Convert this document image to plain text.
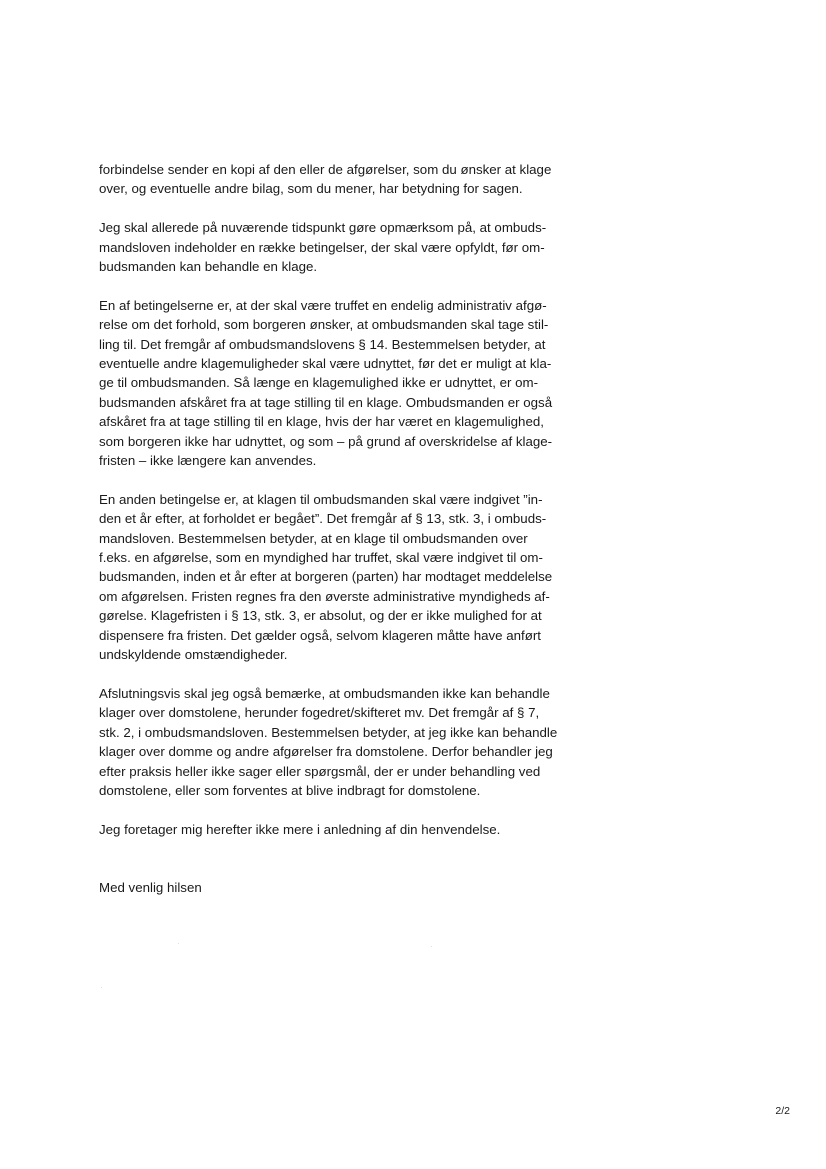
forbindelse sender en kopi af den eller de afgørelser, som du ønsker at klage
over, og eventuelle andre bilag, som du mener, har betydning for sagen.

Jeg skal allerede på nuværende tidspunkt gøre opmærksom på, at ombuds-
mandsloven indeholder en række betingelser, der skal være opfyldt, før om-
budsmanden kan behandle en klage.

En af betingelserne er, at der skal være truffet en endelig administrativ afgø-
relse om det forhold, som borgeren ønsker, at ombudsmanden skal tage stil-
ling til. Det fremgår af ombudsmandslovens § 14. Bestemmelsen betyder, at
eventuelle andre klagemuligheder skal være udnyttet, før det er muligt at kla-
ge til ombudsmanden. Så længe en klagemulighed ikke er udnyttet, er om-
budsmanden afskåret fra at tage stilling til en klage. Ombudsmanden er også
afskåret fra at tage stilling til en klage, hvis der har været en klagemulighed,
som borgeren ikke har udnyttet, og som – på grund af overskridelse af klage-
fristen – ikke længere kan anvendes.

En anden betingelse er, at klagen til ombudsmanden skal være indgivet ”in-
den et år efter, at forholdet er begået”. Det fremgår af § 13, stk. 3, i ombuds-
mandsloven. Bestemmelsen betyder, at en klage til ombudsmanden over
f.eks. en afgørelse, som en myndighed har truffet, skal være indgivet til om-
budsmanden, inden et år efter at borgeren (parten) har modtaget meddelelse
om afgørelsen. Fristen regnes fra den øverste administrative myndigheds af-
gørelse. Klagefristen i § 13, stk. 3, er absolut, og der er ikke mulighed for at
dispensere fra fristen. Det gælder også, selvom klageren måtte have anført
undskyldende omstændigheder.

Afslutningsvis skal jeg også bemærke, at ombudsmanden ikke kan behandle
klager over domstolene, herunder fogedret/skifteret mv. Det fremgår af § 7,
stk. 2, i ombudsmandsloven. Bestemmelsen betyder, at jeg ikke kan behandle
klager over domme og andre afgørelser fra domstolene. Derfor behandler jeg
efter praksis heller ikke sager eller spørgsmål, der er under behandling ved
domstolene, eller som forventes at blive indbragt for domstolene.

Jeg foretager mig herefter ikke mere i anledning af din henvendelse.

Med venlig hilsen
2/2
